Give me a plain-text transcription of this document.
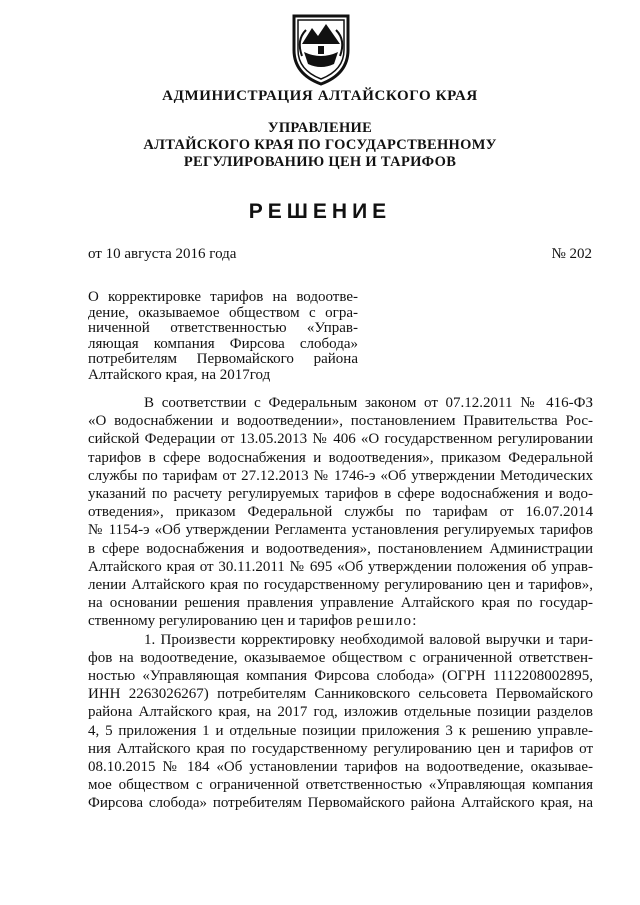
АДМИНИСТРАЦИЯ АЛТАЙСКОГО КРАЯ
УПРАВЛЕНИЕ
АЛТАЙСКОГО КРАЯ ПО ГОСУДАРСТВЕННОМУ
РЕГУЛИРОВАНИЮ ЦЕН И ТАРИФОВ
РЕШЕНИЕ
от 10 августа 2016 года	№ 202
О корректировке тарифов на водоотве-
дение, оказываемое обществом с огра-
ниченной ответственностью «Управ-
ляющая компания Фирсова слобода»
потребителям Первомайского района
Алтайского края, на 2017год
В соответствии с Федеральным законом от 07.12.2011 № 416-ФЗ
«О водоснабжении и водоотведении», постановлением Правительства Рос-
сийской Федерации от 13.05.2013 № 406 «О государственном регулировании
тарифов в сфере водоснабжения и водоотведения», приказом Федеральной
службы по тарифам от 27.12.2013 № 1746-э «Об утверждении Методических
указаний по расчету регулируемых тарифов в сфере водоснабжения и водо-
отведения», приказом Федеральной службы по тарифам от 16.07.2014
№ 1154-э «Об утверждении Регламента установления регулируемых тарифов
в сфере водоснабжения и водоотведения», постановлением Администрации
Алтайского края от 30.11.2011 № 695 «Об утверждении положения об управ-
лении Алтайского края по государственному регулированию цен и тарифов»,
на основании решения правления управление Алтайского края по государ-
ственному регулированию цен и тарифов решило:
1. Произвести корректировку необходимой валовой выручки и тари-
фов на водоотведение, оказываемое обществом с ограниченной ответствен-
ностью «Управляющая компания Фирсова слобода» (ОГРН 1112208002895,
ИНН 2263026267) потребителям Санниковского сельсовета Первомайского
района Алтайского края, на 2017 год, изложив отдельные позиции разделов
4, 5 приложения 1 и отдельные позиции приложения 3 к решению управле-
ния Алтайского края по государственному регулированию цен и тарифов от
08.10.2015 № 184 «Об установлении тарифов на водоотведение, оказывае-
мое обществом с ограниченной ответственностью «Управляющая компания
Фирсова слобода» потребителям Первомайского района Алтайского края, на
